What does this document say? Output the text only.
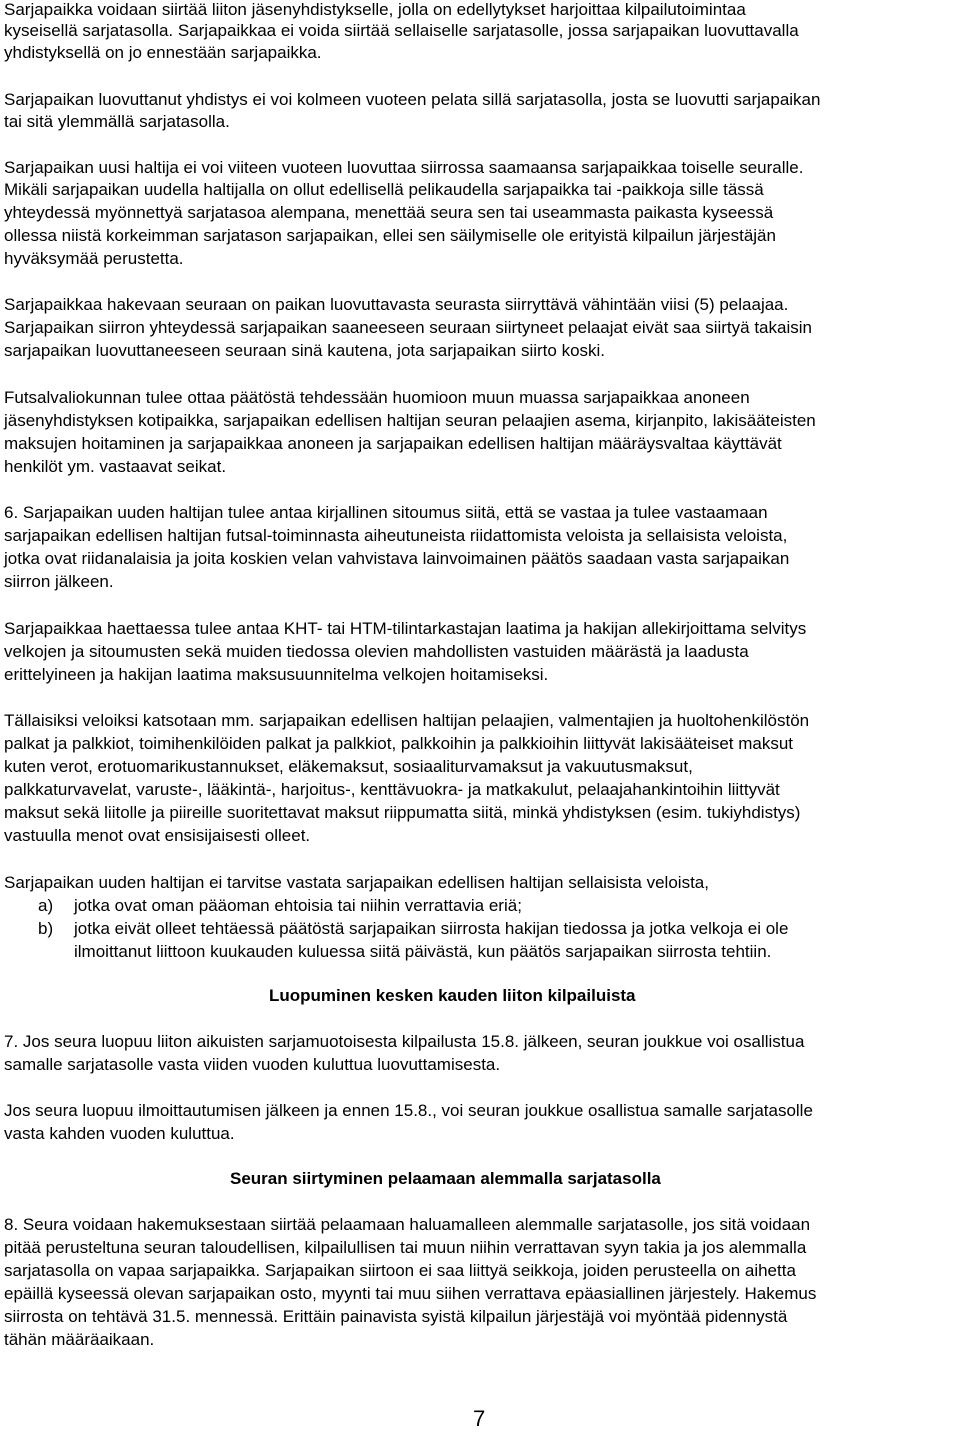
Sarjapaikka voidaan siirtää liiton jäsenyhdistykselle, jolla on edellytykset harjoittaa kilpailutoimintaa
kyseisellä sarjatasolla. Sarjapaikkaa ei voida siirtää sellaiselle sarjatasolle, jossa sarjapaikan luovuttavalla
yhdistyksellä on jo ennestään sarjapaikka.
Sarjapaikan luovuttanut yhdistys ei voi kolmeen vuoteen pelata sillä sarjatasolla, josta se luovutti sarjapaikan
tai sitä ylemmällä sarjatasolla.
Sarjapaikan uusi haltija ei voi viiteen vuoteen luovuttaa siirrossa saamaansa sarjapaikkaa toiselle seuralle.
Mikäli sarjapaikan uudella haltijalla on ollut edellisellä pelikaudella sarjapaikka tai -paikkoja sille tässä
yhteydessä myönnettyä sarjatasoa alempana, menettää seura sen tai useammasta paikasta kyseessä
ollessa niistä korkeimman sarjatason sarjapaikan, ellei sen säilymiselle ole erityistä kilpailun järjestäjän
hyväksymää perustetta.
Sarjapaikkaa hakevaan seuraan on paikan luovuttavasta seurasta siirryttävä vähintään viisi (5) pelaajaa.
Sarjapaikan siirron yhteydessä sarjapaikan saaneeseen seuraan siirtyneet pelaajat eivät saa siirtyä takaisin
sarjapaikan luovuttaneeseen seuraan sinä kautena, jota sarjapaikan siirto koski.
Futsalvaliokunnan tulee ottaa päätöstä tehdessään huomioon muun muassa sarjapaikkaa anoneen
jäsenyhdistyksen kotipaikka, sarjapaikan edellisen haltijan seuran pelaajien asema, kirjanpito, lakisääteisten
maksujen hoitaminen ja sarjapaikkaa anoneen ja sarjapaikan edellisen haltijan määräysvaltaa käyttävät
henkilöt ym. vastaavat seikat.
6. Sarjapaikan uuden haltijan tulee antaa kirjallinen sitoumus siitä, että se vastaa ja tulee vastaamaan
sarjapaikan edellisen haltijan futsal-toiminnasta aiheutuneista riidattomista veloista ja sellaisista veloista,
jotka ovat riidanalaisia ja joita koskien velan vahvistava lainvoimainen päätös saadaan vasta sarjapaikan
siirron jälkeen.
Sarjapaikkaa haettaessa tulee antaa KHT- tai HTM-tilintarkastajan laatima ja hakijan allekirjoittama selvitys
velkojen ja sitoumusten sekä muiden tiedossa olevien mahdollisten vastuiden määrästä ja laadusta
erittelyineen ja hakijan laatima maksusuunnitelma velkojen hoitamiseksi.
Tällaisiksi veloiksi katsotaan mm. sarjapaikan edellisen haltijan pelaajien, valmentajien ja huoltohenkilöstön
palkat ja palkkiot, toimihenkilöiden palkat ja palkkiot, palkkoihin ja palkkioihin liittyvät lakisääteiset maksut
kuten verot, erotuomarikustannukset, eläkemaksut, sosiaaliturvamaksut ja vakuutusmaksut,
palkkaturvavelat, varuste-, lääkintä-, harjoitus-, kenttävuokra- ja matkakulut, pelaajahankintoihin liittyvät
maksut sekä liitolle ja piireille suoritettavat maksut riippumatta siitä, minkä yhdistyksen (esim. tukiyhdistys)
vastuulla menot ovat ensisijaisesti olleet.
Sarjapaikan uuden haltijan ei tarvitse vastata sarjapaikan edellisen haltijan sellaisista veloista,
a) jotka ovat oman pääoman ehtoisia tai niihin verrattavia eriä;
b) jotka eivät olleet tehtäessä päätöstä sarjapaikan siirrosta hakijan tiedossa ja jotka velkoja ei ole
ilmoittanut liittoon kuukauden kuluessa siitä päivästä, kun päätös sarjapaikan siirrosta tehtiin.
Luopuminen kesken kauden liiton kilpailuista
7. Jos seura luopuu liiton aikuisten sarjamuotoisesta kilpailusta 15.8. jälkeen, seuran joukkue voi osallistua
samalle sarjatasolle vasta viiden vuoden kuluttua luovuttamisesta.
Jos seura luopuu ilmoittautumisen jälkeen ja ennen 15.8., voi seuran joukkue osallistua samalle sarjatasolle
vasta kahden vuoden kuluttua.
Seuran siirtyminen pelaamaan alemmalla sarjatasolla
8. Seura voidaan hakemuksestaan siirtää pelaamaan haluamalleen alemmalle sarjatasolle, jos sitä voidaan
pitää perusteltuna seuran taloudellisen, kilpailullisen tai muun niihin verrattavan syyn takia ja jos alemmalla
sarjatasolla on vapaa sarjapaikka. Sarjapaikan siirtoon ei saa liittyä seikkoja, joiden perusteella on aihetta
epäillä kyseessä olevan sarjapaikan osto, myynti tai muu siihen verrattava epäasiallinen järjestely. Hakemus
siirrosta on tehtävä 31.5. mennessä. Erittäin painavista syistä kilpailun järjestäjä voi myöntää pidennystä
tähän määräaikaan.
7
